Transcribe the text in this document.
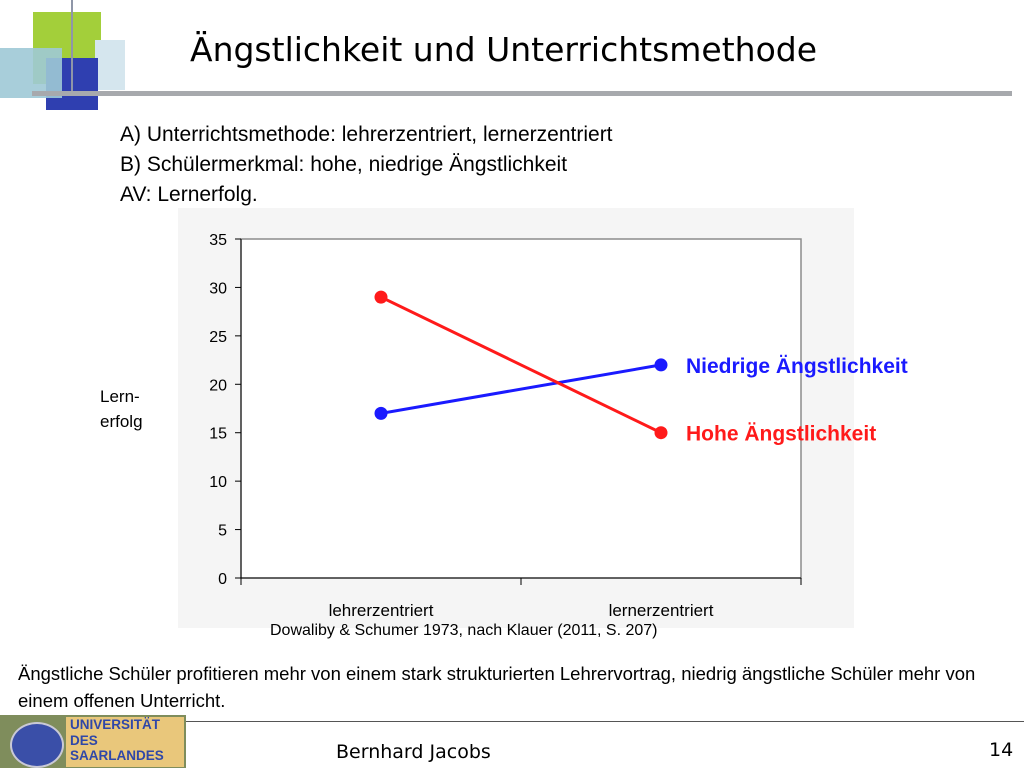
Ängstlichkeit und Unterrichtsmethode
A) Unterrichtsmethode: lehrerzentriert, lernerzentriert
B) Schülermerkmal: hohe, niedrige Ängstlichkeit
AV: Lernerfolg.
0
5
10
15
20
25
30
35
lehrerzentriert	lernerzentriert
Niedrige Ängstlichkeit
Hohe Ängstlichkeit
Lern-
erfolg
Dowaliby & Schumer 1973, nach Klauer (2011, S. 207)
Ängstliche Schüler profitieren mehr von einem stark strukturierten Lehrervortrag, niedrig ängstliche Schüler mehr von einem offenen Unterricht.
UNIVERSITÄT
DES
SAARLANDES	Bernhard Jacobs	14
